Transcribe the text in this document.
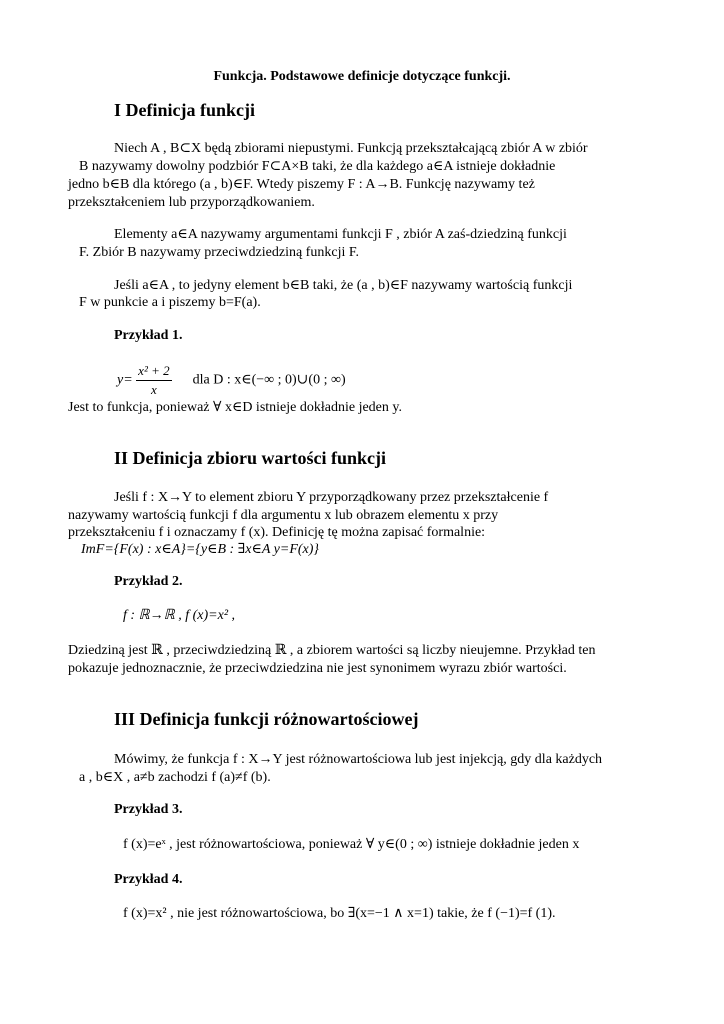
Funkcja. Podstawowe definicje dotyczące funkcji.
I Definicja funkcji
Niech A , B⊂X będą zbiorami niepustymi. Funkcją przekształcającą zbiór A w zbiór
B nazywamy dowolny podzbiór F⊂A×B taki, że dla każdego a∈A istnieje dokładnie
jedno b∈B dla którego (a , b)∈F. Wtedy piszemy F : A→B. Funkcję nazywamy też
przekształceniem lub przyporządkowaniem.
Elementy a∈A nazywamy argumentami funkcji F , zbiór A zaś-dziedziną funkcji
F. Zbiór B nazywamy przeciwdziedziną funkcji F.
Jeśli a∈A , to jedyny element b∈B taki, że (a , b)∈F nazywamy wartością funkcji
F w punkcie a i piszemy b=F(a).
Przykład 1.
$y= \frac{\text{x² + 2}}{x}$ dla D : x∈(−∞ ; 0)∪(0 ; ∞)
Jest to funkcja, ponieważ ∀ x∈D istnieje dokładnie jeden y.
II Definicja zbioru wartości funkcji
Jeśli f : X→Y to element zbioru Y przyporządkowany przez przekształcenie f
nazywamy wartością funkcji f dla argumentu x lub obrazem elementu x przy
przekształceniu f i oznaczamy f (x). Definicję tę można zapisać formalnie:
ImF={F(x) : x∈A}={y∈B : ∃x∈A y=F(x)}
Przykład 2.
f : ℝ→ℝ , f (x)=x² ,
Dziedziną jest ℝ , przeciwdziedziną ℝ , a zbiorem wartości są liczby nieujemne. Przykład ten
pokazuje jednoznacznie, że przeciwdziedzina nie jest synonimem wyrazu zbiór wartości.
III Definicja funkcji różnowartościowej
Mówimy, że funkcja f : X→Y jest różnowartościowa lub jest injekcją, gdy dla każdych
a , b∈X , a≠b zachodzi f (a)≠f (b).
Przykład 3.
f (x)=eˣ , jest różnowartościowa, ponieważ ∀ y∈(0 ; ∞) istnieje dokładnie jeden x
Przykład 4.
f (x)=x² , nie jest różnowartościowa, bo ∃(x=−1 ∧ x=1) takie, że f (−1)=f (1).
